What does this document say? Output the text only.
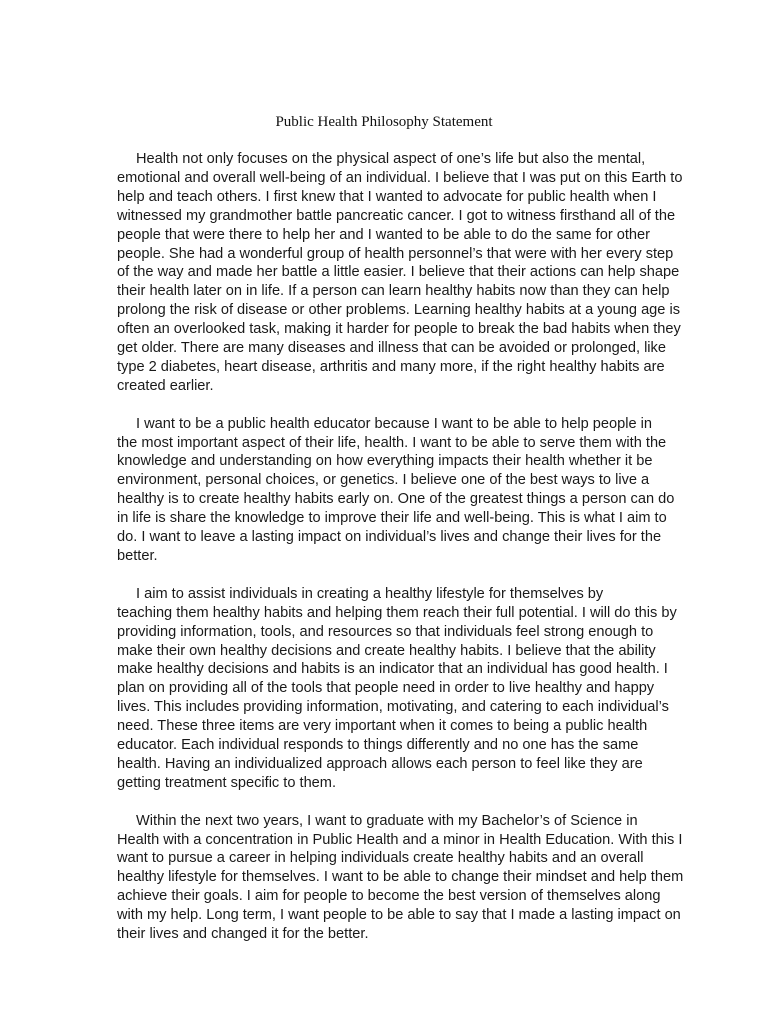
Public Health Philosophy Statement
Health not only focuses on the physical aspect of one’s life but also the mental,
emotional and overall well-being of an individual. I believe that I was put on this Earth to
help and teach others. I first knew that I wanted to advocate for public health when I
witnessed my grandmother battle pancreatic cancer. I got to witness firsthand all of the
people that were there to help her and I wanted to be able to do the same for other
people. She had a wonderful group of health personnel’s that were with her every step
of the way and made her battle a little easier. I believe that their actions can help shape
their health later on in life. If a person can learn healthy habits now than they can help
prolong the risk of disease or other problems. Learning healthy habits at a young age is
often an overlooked task, making it harder for people to break the bad habits when they
get older. There are many diseases and illness that can be avoided or prolonged, like
type 2 diabetes, heart disease, arthritis and many more, if the right healthy habits are
created earlier.
I want to be a public health educator because I want to be able to help people in
the most important aspect of their life, health. I want to be able to serve them with the
knowledge and understanding on how everything impacts their health whether it be
environment, personal choices, or genetics. I believe one of the best ways to live a
healthy is to create healthy habits early on. One of the greatest things a person can do
in life is share the knowledge to improve their life and well-being. This is what I aim to
do. I want to leave a lasting impact on individual’s lives and change their lives for the
better.
I aim to assist individuals in creating a healthy lifestyle for themselves by
teaching them healthy habits and helping them reach their full potential. I will do this by
providing information, tools, and resources so that individuals feel strong enough to
make their own healthy decisions and create healthy habits. I believe that the ability
make healthy decisions and habits is an indicator that an individual has good health. I
plan on providing all of the tools that people need in order to live healthy and happy
lives. This includes providing information, motivating, and catering to each individual’s
need. These three items are very important when it comes to being a public health
educator. Each individual responds to things differently and no one has the same
health. Having an individualized approach allows each person to feel like they are
getting treatment specific to them.
Within the next two years, I want to graduate with my Bachelor’s of Science in
Health with a concentration in Public Health and a minor in Health Education. With this I
want to pursue a career in helping individuals create healthy habits and an overall
healthy lifestyle for themselves. I want to be able to change their mindset and help them
achieve their goals. I aim for people to become the best version of themselves along
with my help. Long term, I want people to be able to say that I made a lasting impact on
their lives and changed it for the better.
